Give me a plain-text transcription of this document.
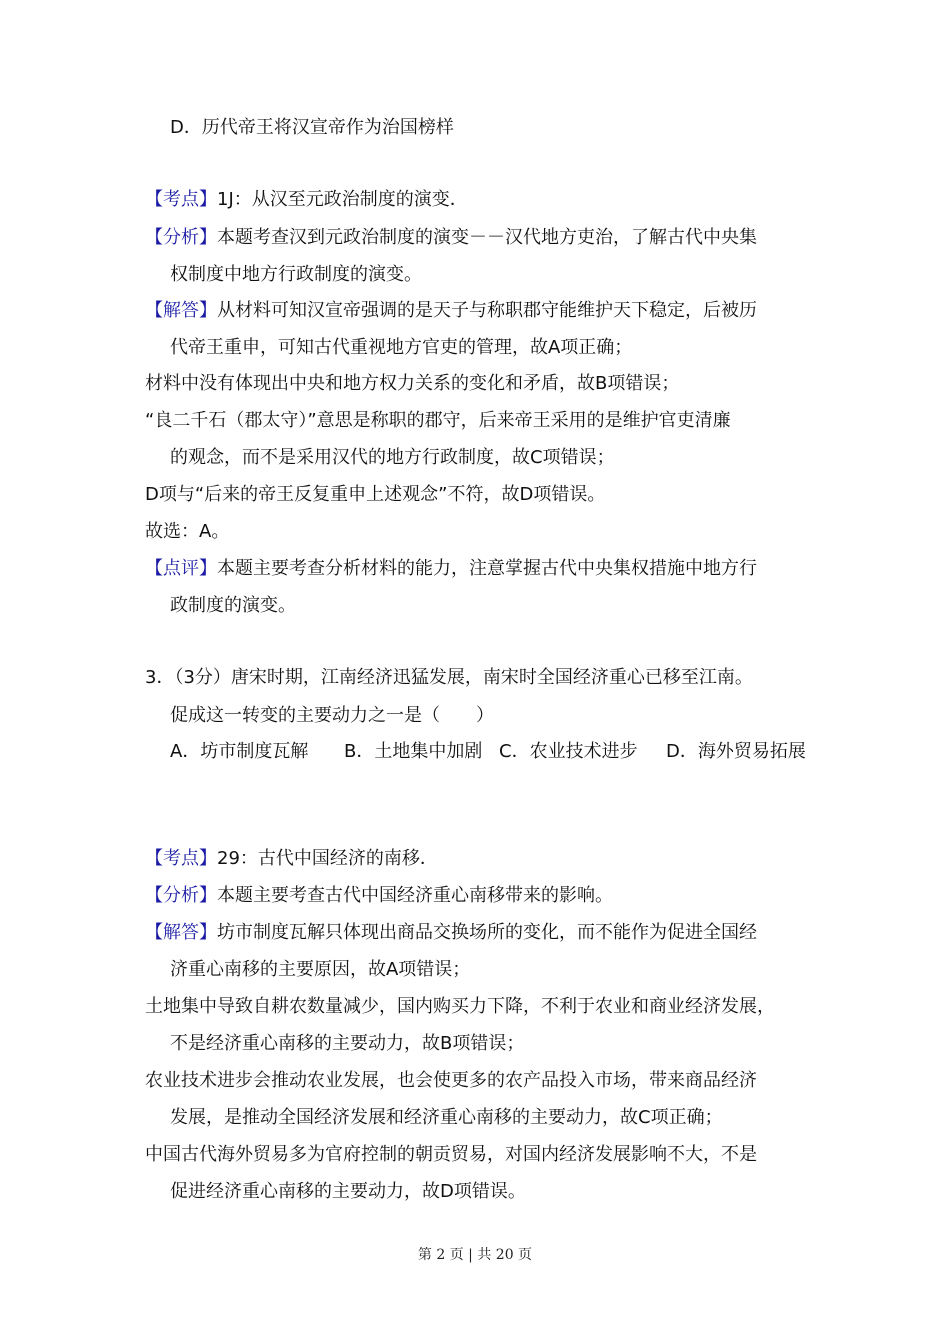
D．历代帝王将汉宣帝作为治国榜样
【考点】1J：从汉至元政治制度的演变．
【分析】本题考查汉到元政治制度的演变－－汉代地方吏治，了解古代中央集
权制度中地方行政制度的演变。
【解答】从材料可知汉宣帝强调的是天子与称职郡守能维护天下稳定，后被历
代帝王重申，可知古代重视地方官吏的管理，故A项正确；
材料中没有体现出中央和地方权力关系的变化和矛盾，故B项错误；
“良二千石（郡太守）”意思是称职的郡守，后来帝王采用的是维护官吏清廉
的观念，而不是采用汉代的地方行政制度，故C项错误；
D项与“后来的帝王反复重申上述观念”不符，故D项错误。
故选：A。
【点评】本题主要考查分析材料的能力，注意掌握古代中央集权措施中地方行
政制度的演变。
3．（3分）唐宋时期，江南经济迅猛发展，南宋时全国经济重心已移至江南。
促成这一转变的主要动力之一是（　　）
A．坊市制度瓦解 B．土地集中加剧 C．农业技术进步 D．海外贸易拓展
【考点】29：古代中国经济的南移．
【分析】本题主要考查古代中国经济重心南移带来的影响。
【解答】坊市制度瓦解只体现出商品交换场所的变化，而不能作为促进全国经
济重心南移的主要原因，故A项错误；
土地集中导致自耕农数量减少，国内购买力下降，不利于农业和商业经济发展，
不是经济重心南移的主要动力，故B项错误；
农业技术进步会推动农业发展，也会使更多的农产品投入市场，带来商品经济
发展，是推动全国经济发展和经济重心南移的主要动力，故C项正确；
中国古代海外贸易多为官府控制的朝贡贸易，对国内经济发展影响不大，不是
促进经济重心南移的主要动力，故D项错误。
第 2 页 | 共 20 页
